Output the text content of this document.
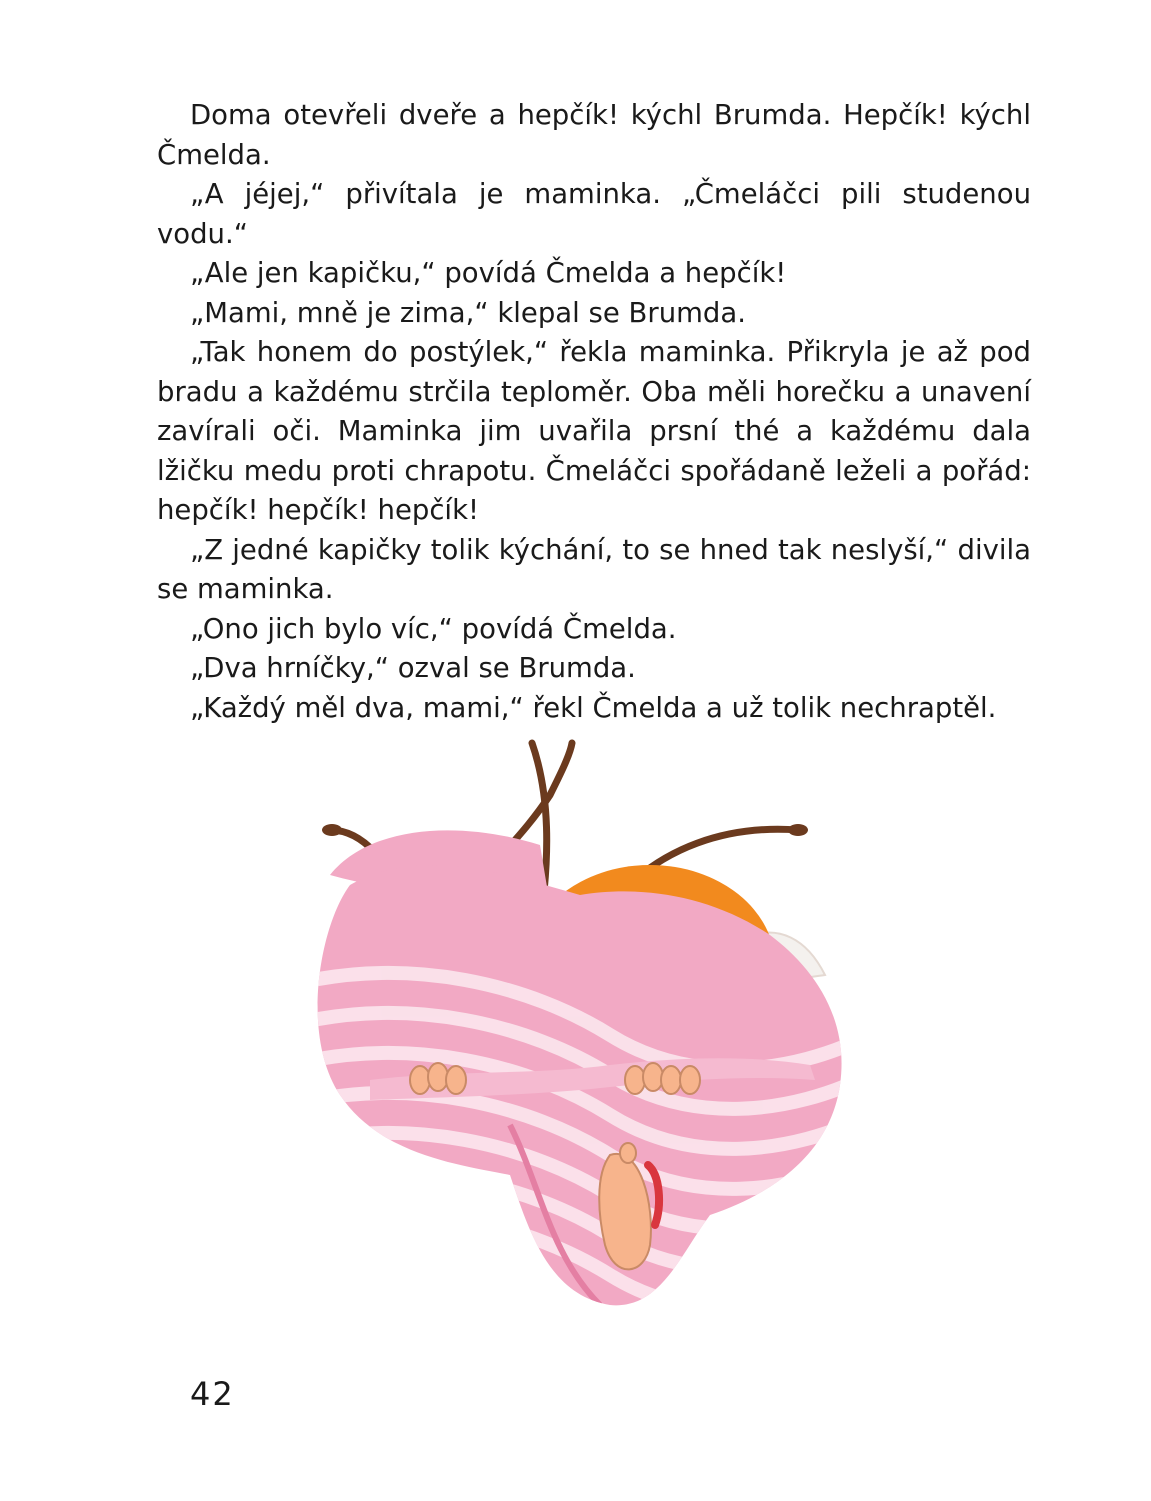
Doma otevřeli dveře a hepčík! kýchl Brumda. Hepčík! kýchl Čmelda.

„A jéjej,“ přivítala je maminka. „Čmeláčci pili studenou vodu.“

„Ale jen kapičku,“ povídá Čmelda a hepčík!

„Mami, mně je zima,“ klepal se Brumda.

„Tak honem do postýlek,“ řekla maminka. Přikryla je až pod bradu a každému strčila teploměr. Oba měli horečku a unavení zavírali oči. Maminka jim uvařila prsní thé a každému dala lžičku medu proti chrapotu. Čmeláčci spořádaně leželi a pořád: hepčík! hepčík! hepčík!

„Z jedné kapičky tolik kýchání, to se hned tak neslyší,“ divila se maminka.

„Ono jich bylo víc,“ povídá Čmelda.

„Dva hrníčky,“ ozval se Brumda.

„Každý měl dva, mami,“ řekl Čmelda a už tolik nechraptěl.

42
